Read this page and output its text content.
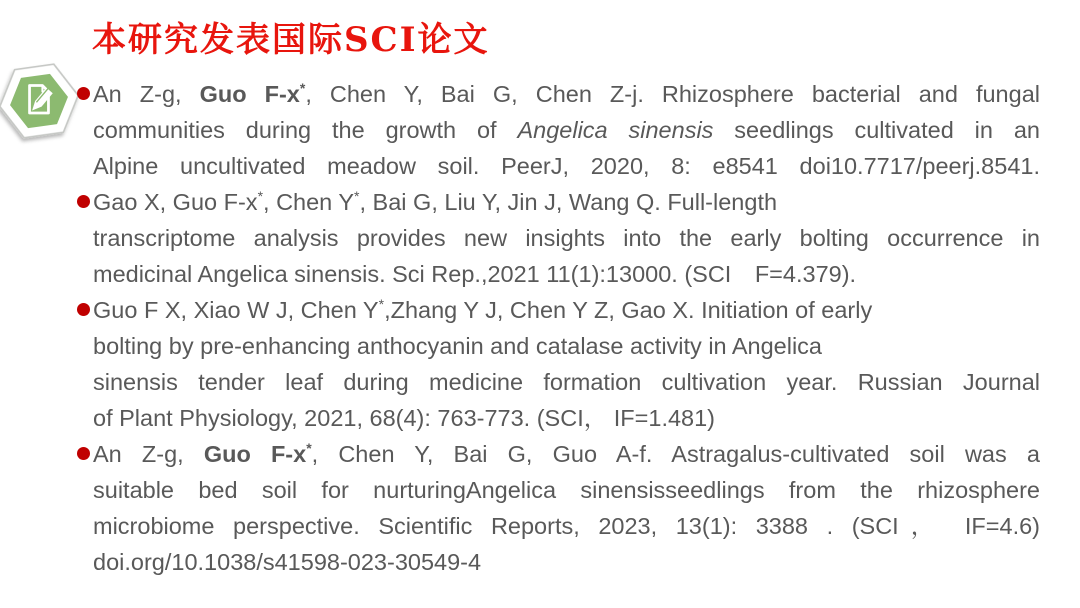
本研究发表国际SCI论文
An Z-g, Guo F-x*, Chen Y, Bai G, Chen Z-j. Rhizosphere bacterial and fungal
communities during the growth of Angelica sinensis seedlings cultivated in an
Alpine uncultivated meadow soil. PeerJ, 2020, 8: e8541 doi10.7717/peerj.8541.
Gao X, Guo F-x*, Chen Y*, Bai G, Liu Y, Jin J, Wang Q. Full-length
transcriptome analysis provides new insights into the early bolting occurrence in
medicinal Angelica sinensis. Sci Rep.,2021 11(1):13000. (SCI　F=4.379).
Guo F X, Xiao W J, Chen Y*,Zhang Y J, Chen Y Z, Gao X. Initiation of early
bolting by pre-enhancing anthocyanin and catalase activity in Angelica
sinensis tender leaf during medicine formation cultivation year. Russian Journal
of Plant Physiology, 2021, 68(4): 763-773. (SCI， IF=1.481)
An Z-g, Guo F-x*, Chen Y, Bai G, Guo A-f. Astragalus-cultivated soil was a
suitable bed soil for nurturingAngelica sinensisseedlings from the rhizosphere
microbiome perspective. Scientific Reports, 2023, 13(1): 3388 . (SCI， IF=4.6)
doi.org/10.1038/s41598-023-30549-4
